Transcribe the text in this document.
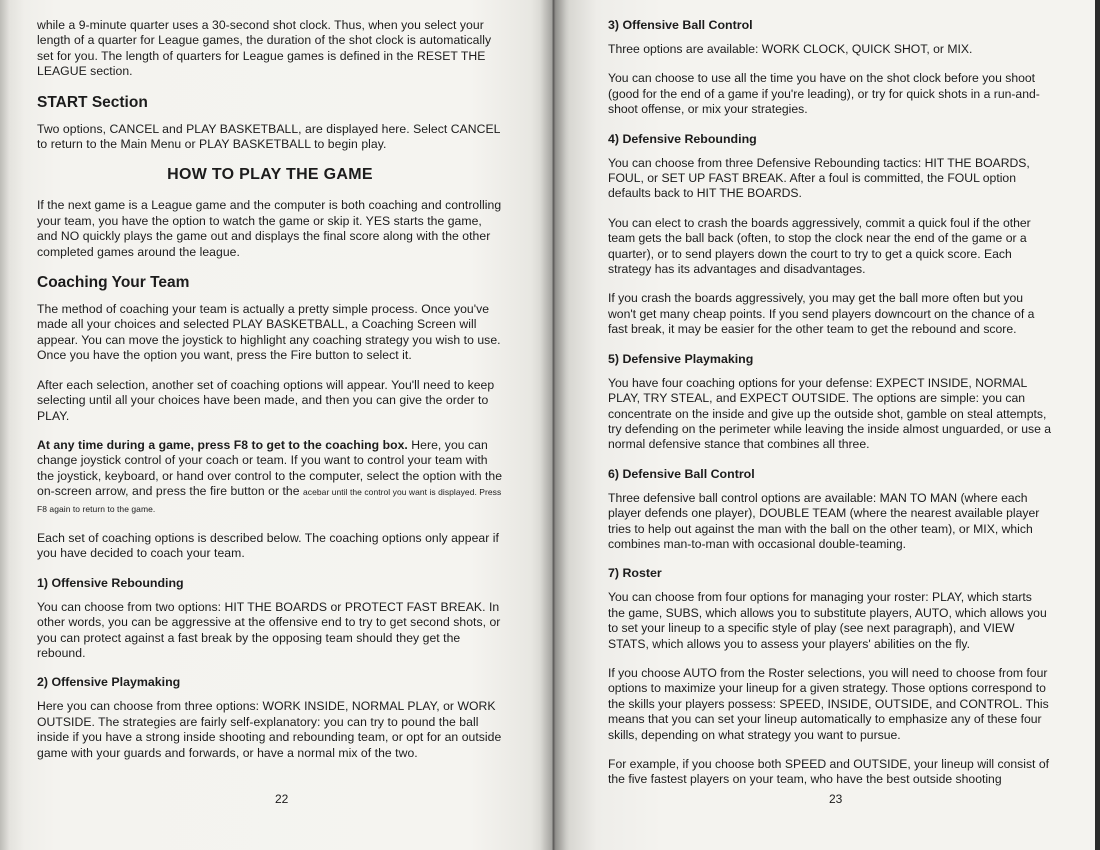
while a 9-minute quarter uses a 30-second shot clock. Thus, when you select your length of a quarter for League games, the duration of the shot clock is automatically set for you. The length of quarters for League games is defined in the RESET THE LEAGUE section.

START Section

Two options, CANCEL and PLAY BASKETBALL, are displayed here. Select CANCEL to return to the Main Menu or PLAY BASKETBALL to begin play.

HOW TO PLAY THE GAME

If the next game is a League game and the computer is both coaching and controlling your team, you have the option to watch the game or skip it. YES starts the game, and NO quickly plays the game out and displays the final score along with the other completed games around the league.

Coaching Your Team

The method of coaching your team is actually a pretty simple process. Once you've made all your choices and selected PLAY BASKETBALL, a Coaching Screen will appear. You can move the joystick to highlight any coaching strategy you wish to use. Once you have the option you want, press the Fire button to select it.

After each selection, another set of coaching options will appear. You'll need to keep selecting until all your choices have been made, and then you can give the order to PLAY.

At any time during a game, press F8 to get to the coaching box. Here, you can change joystick control of your coach or team. If you want to control your team with the joystick, keyboard, or hand over control to the computer, select the option with the on-screen arrow, and press the fire button or the acebar until the control you want is displayed. Press F8 again to return to the game.

Each set of coaching options is described below. The coaching options only appear if you have decided to coach your team.

1) Offensive Rebounding

You can choose from two options: HIT THE BOARDS or PROTECT FAST BREAK. In other words, you can be aggressive at the offensive end to try to get second shots, or you can protect against a fast break by the opposing team should they get the rebound.

2) Offensive Playmaking

Here you can choose from three options: WORK INSIDE, NORMAL PLAY, or WORK OUTSIDE. The strategies are fairly self-explanatory: you can try to pound the ball inside if you have a strong inside shooting and rebounding team, or opt for an outside game with your guards and forwards, or have a normal mix of the two.

22
3) Offensive Ball Control

Three options are available: WORK CLOCK, QUICK SHOT, or MIX.

You can choose to use all the time you have on the shot clock before you shoot (good for the end of a game if you're leading), or try for quick shots in a run-and-shoot offense, or mix your strategies.

4) Defensive Rebounding

You can choose from three Defensive Rebounding tactics: HIT THE BOARDS, FOUL, or SET UP FAST BREAK. After a foul is committed, the FOUL option defaults back to HIT THE BOARDS.

You can elect to crash the boards aggressively, commit a quick foul if the other team gets the ball back (often, to stop the clock near the end of the game or a quarter), or to send players down the court to try to get a quick score. Each strategy has its advantages and disadvantages.

If you crash the boards aggressively, you may get the ball more often but you won't get many cheap points. If you send players downcourt on the chance of a fast break, it may be easier for the other team to get the rebound and score.

5) Defensive Playmaking

You have four coaching options for your defense: EXPECT INSIDE, NORMAL PLAY, TRY STEAL, and EXPECT OUTSIDE. The options are simple: you can concentrate on the inside and give up the outside shot, gamble on steal attempts, try defending on the perimeter while leaving the inside almost unguarded, or use a normal defensive stance that combines all three.

6) Defensive Ball Control

Three defensive ball control options are available: MAN TO MAN (where each player defends one player), DOUBLE TEAM (where the nearest available player tries to help out against the man with the ball on the other team), or MIX, which combines man-to-man with occasional double-teaming.

7) Roster

You can choose from four options for managing your roster: PLAY, which starts the game, SUBS, which allows you to substitute players, AUTO, which allows you to set your lineup to a specific style of play (see next paragraph), and VIEW STATS, which allows you to assess your players' abilities on the fly.

If you choose AUTO from the Roster selections, you will need to choose from four options to maximize your lineup for a given strategy. Those options correspond to the skills your players possess: SPEED, INSIDE, OUTSIDE, and CONTROL. This means that you can set your lineup automatically to emphasize any of these four skills, depending on what strategy you want to pursue.

For example, if you choose both SPEED and OUTSIDE, your lineup will consist of the five fastest players on your team, who have the best outside shooting

23
